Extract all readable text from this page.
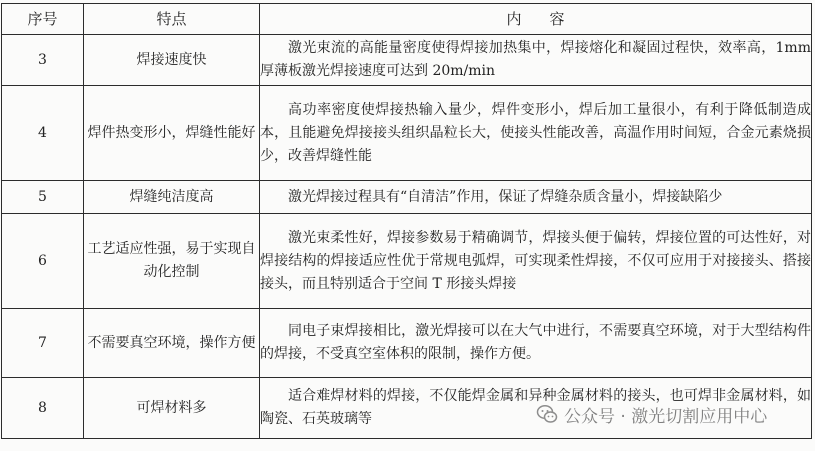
序号	特点	内容
3	焊接速度快	激光束流的高能量密度使得焊接加热集中，焊接熔化和凝固过程快，效率高，1mm 厚薄板激光焊接速度可达到 20m/min

4	焊件热变形小，焊缝性能好	高功率密度使焊接热输入量少，焊件变形小，焊后加工量很小，有利于降低制造成本，且能避免焊接接头组织晶粒长大，使接头性能改善，高温作用时间短，合金元素烧损少，改善焊缝性能

5	焊缝纯洁度高	激光焊接过程具有“自清洁”作用，保证了焊缝杂质含量小，焊接缺陷少

6	工艺适应性强，易于实现自动化控制	激光束柔性好，焊接参数易于精确调节，焊接头便于偏转，焊接位置的可达性好，对焊接结构的焊接适应性优于常规电弧焊，可实现柔性焊接，不仅可应用于对接接头、搭接接头，而且特别适合于空间 T 形接头焊接

7	不需要真空环境，操作方便	同电子束焊接相比，激光焊接可以在大气中进行，不需要真空环境，对于大型结构件的焊接，不受真空室体积的限制，操作方便。

8	可焊材料多	适合难焊材料的焊接，不仅能焊金属和异种金属材料的接头，也可焊非金属材料，如陶瓷、石英玻璃等	公众号 · 激光切割应用中心
